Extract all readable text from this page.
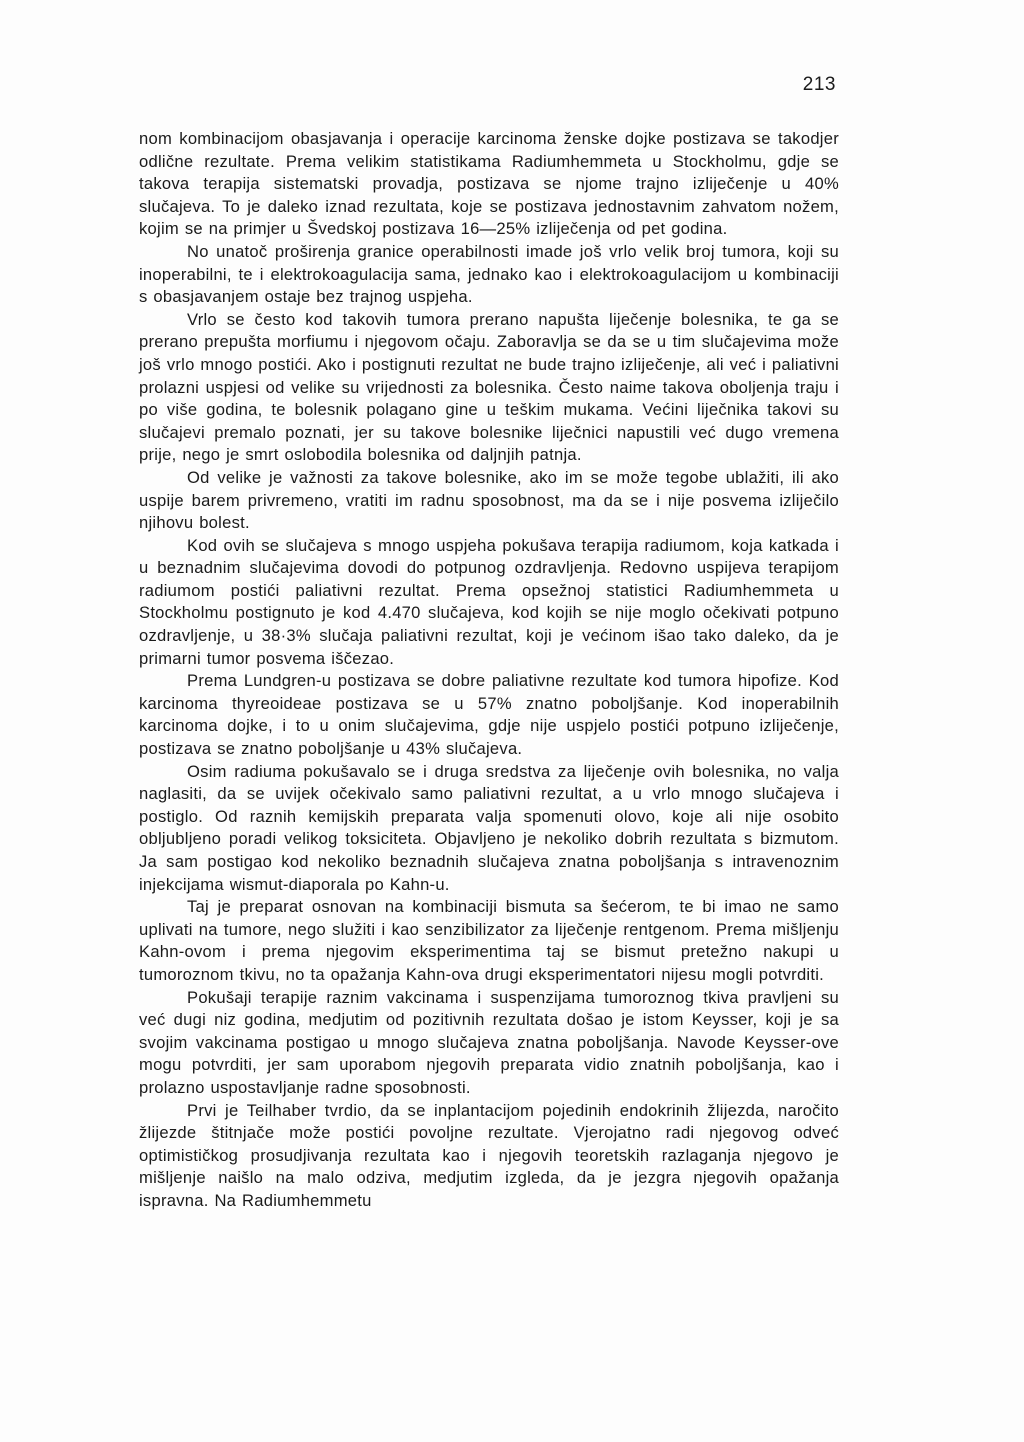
213

nom kombinacijom obasjavanja i operacije karcinoma ženske dojke postizava se takodjer odlične rezultate. Prema velikim statistikama Radiumhemmeta u Stockholmu, gdje se takova terapija sistematski provadja, postizava se njome trajno izliječenje u 40% slučajeva. To je daleko iznad rezultata, koje se postizava jednostavnim zahvatom nožem, kojim se na primjer u Švedskoj postizava 16—25% izliječenja od pet godina.

No unatoč proširenja granice operabilnosti imade još vrlo velik broj tumora, koji su inoperabilni, te i elektrokoagulacija sama, jednako kao i elektrokoagulacijom u kombinaciji s obasjavanjem ostaje bez trajnog uspjeha.

Vrlo se često kod takovih tumora prerano napušta liječenje bolesnika, te ga se prerano prepušta morfiumu i njegovom očaju. Zaboravlja se da se u tim slučajevima može još vrlo mnogo postići. Ako i postignuti rezultat ne bude trajno izliječenje, ali već i paliativni prolazni uspjesi od velike su vrijednosti za bolesnika. Često naime takova oboljenja traju i po više godina, te bolesnik polagano gine u teškim mukama. Većini liječnika takovi su slučajevi premalo poznati, jer su takove bolesnike liječnici napustili već dugo vremena prije, nego je smrt oslobodila bolesnika od daljnjih patnja.

Od velike je važnosti za takove bolesnike, ako im se može tegobe ublažiti, ili ako uspije barem privremeno, vratiti im radnu sposobnost, ma da se i nije posvema izliječilo njihovu bolest.

Kod ovih se slučajeva s mnogo uspjeha pokušava terapija radiumom, koja katkada i u beznadnim slučajevima dovodi do potpunog ozdravljenja. Redovno uspijeva terapijom radiumom postići paliativni rezultat. Prema opsežnoj statistici Radiumhemmeta u Stockholmu postignuto je kod 4.470 slučajeva, kod kojih se nije moglo očekivati potpuno ozdravljenje, u 38·3% slučaja paliativni rezultat, koji je većinom išao tako daleko, da je primarni tumor posvema iščezao.

Prema Lundgren-u postizava se dobre paliativne rezultate kod tumora hipofize. Kod karcinoma thyreoideae postizava se u 57% znatno poboljšanje. Kod inoperabilnih karcinoma dojke, i to u onim slučajevima, gdje nije uspjelo postići potpuno izliječenje, postizava se znatno poboljšanje u 43% slučajeva.

Osim radiuma pokušavalo se i druga sredstva za liječenje ovih bolesnika, no valja naglasiti, da se uvijek očekivalo samo paliativni rezultat, a u vrlo mnogo slučajeva i postiglo. Od raznih kemijskih preparata valja spomenuti olovo, koje ali nije osobito obljubljeno poradi velikog toksiciteta. Objavljeno je nekoliko dobrih rezultata s bizmutom. Ja sam postigao kod nekoliko beznadnih slučajeva znatna poboljšanja s intravenoznim injekcijama wismut-diaporala po Kahn-u.

Taj je preparat osnovan na kombinaciji bismuta sa šećerom, te bi imao ne samo uplivati na tumore, nego služiti i kao senzibilizator za liječenje rentgenom. Prema mišljenju Kahn-ovom i prema njegovim eksperimentima taj se bismut pretežno nakupi u tumoroznom tkivu, no ta opažanja Kahn-ova drugi eksperimentatori nijesu mogli potvrditi.

Pokušaji terapije raznim vakcinama i suspenzijama tumoroznog tkiva pravljeni su već dugi niz godina, medjutim od pozitivnih rezultata došao je istom Keysser, koji je sa svojim vakcinama postigao u mnogo slučajeva znatna poboljšanja. Navode Keysser-ove mogu potvrditi, jer sam uporabom njegovih preparata vidio znatnih poboljšanja, kao i prolazno uspostavljanje radne sposobnosti.

Prvi je Teilhaber tvrdio, da se inplantacijom pojedinih endokrinih žlijezda, naročito žlijezde štitnjače može postići povoljne rezultate. Vjerojatno radi njegovog odveć optimističkog prosudjivanja rezultata kao i njegovih teoretskih razlaganja njegovo je mišljenje naišlo na malo odziva, medjutim izgleda, da je jezgra njegovih opažanja ispravna. Na Radiumhemmetu
